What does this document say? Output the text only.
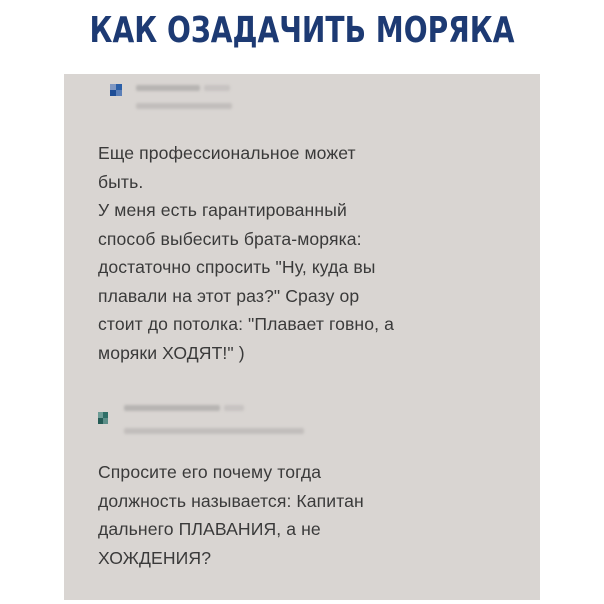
КАК ОЗАДАЧИТЬ МОРЯКА
Еще профессиональное может
быть.
У меня есть гарантированный
способ выбесить брата-моряка:
достаточно спросить "Ну, куда вы
плавали на этот раз?" Сразу ор
стоит до потолка: "Плавает говно, а
моряки ХОДЯТ!" )
Спросите его почему тогда
должность называется: Капитан
дальнего ПЛАВАНИЯ, а не
ХОЖДЕНИЯ?
